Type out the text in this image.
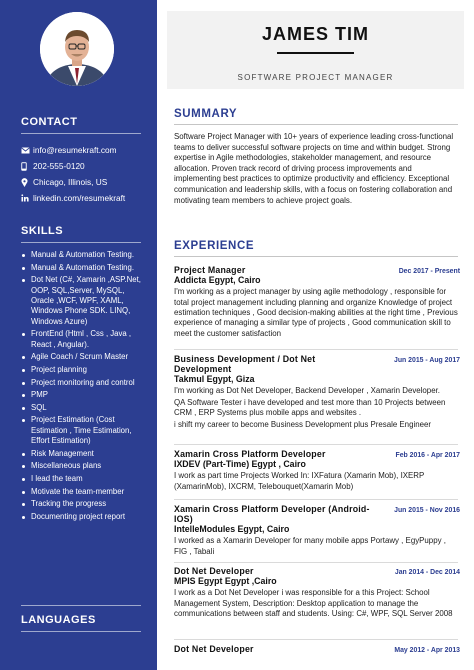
CONTACT
info@resumekraft.com
202-555-0120
Chicago, Illinois, US
linkedin.com/resumekraft
SKILLS
Manual & Automation Testing.
Manual & Automation Testing.
Dot Net (C#, Xamarin ,ASP.Net, OOP, SQL,Server, MySQL, Oracle ,WCF, WPF, XAML, Windows Phone SDK. LINQ, Windows Azure)
FrontEnd (Html , Css , Java , React , Angular).
Agile Coach / Scrum Master
Project planning
Project monitoring and control
PMP
SQL
Project Estimation (Cost Estimation , Time Estimation, Effort Estimation)
Risk Management
Miscellaneous plans
I lead the team
Motivate the team-member
Tracking the progress
Documenting project report
LANGUAGES
JAMES TIM
SOFTWARE PROJECT MANAGER
SUMMARY
Software Project Manager with 10+ years of experience leading cross-functional teams to deliver successful software projects on time and within budget. Strong expertise in Agile methodologies, stakeholder management, and resource allocation. Proven track record of driving process improvements and implementing best practices to optimize productivity and efficiency. Exceptional communication and leadership skills, with a focus on fostering collaboration and motivating team members to achieve project goals.
EXPERIENCE
Project Manager	Dec 2017 - Present
Addicta Egypt, Cairo

I'm working as a project manager by using agile methodology , responsible for total project management including planning and organize Knowledge of project estimation techniques , Good decision-making abilities at the right time , Previous experience of managing a similar type of projects , Good communication skill to meet the customer satisfaction

Business Development / Dot Net Development
Jun 2015 - Aug 2017
Takmul Egypt, Giza

I'm working as Dot Net Developer, Backend Developer , Xamarin Developer.

QA Software Tester i have developed and test more than 10 Projects between CRM , ERP Systems plus mobile apps and websites .

i shift my career to become Business Development plus Presale Engineer

Xamarin Cross Platform Developer	Feb 2016 - Apr 2017
IXDEV (Part-Time) Egypt , Cairo

I work as part time Projects Worked In: IXFatura (Xamarin Mob), IXERP (XamarinMob), IXCRM, Telebouquet(Xamarin Mob)

Xamarin Cross Platform Developer (Android-IOS)
Jun 2015 - Nov 2016
IntelleModules Egypt, Cairo

I worked as a Xamarin Developer for many mobile apps Portawy , EgyPuppy , FIG , Tabali

Dot Net Developer	Jan 2014 - Dec 2014
MPIS Egypt Egypt ,Cairo

I work as a Dot Net Developer i was responsible for a this Project: School Management System, Description: Desktop application to manage the communications between staff and students. Using: C#, WPF, SQL Server 2008

Dot Net Developer	May 2012 - Apr 2013
